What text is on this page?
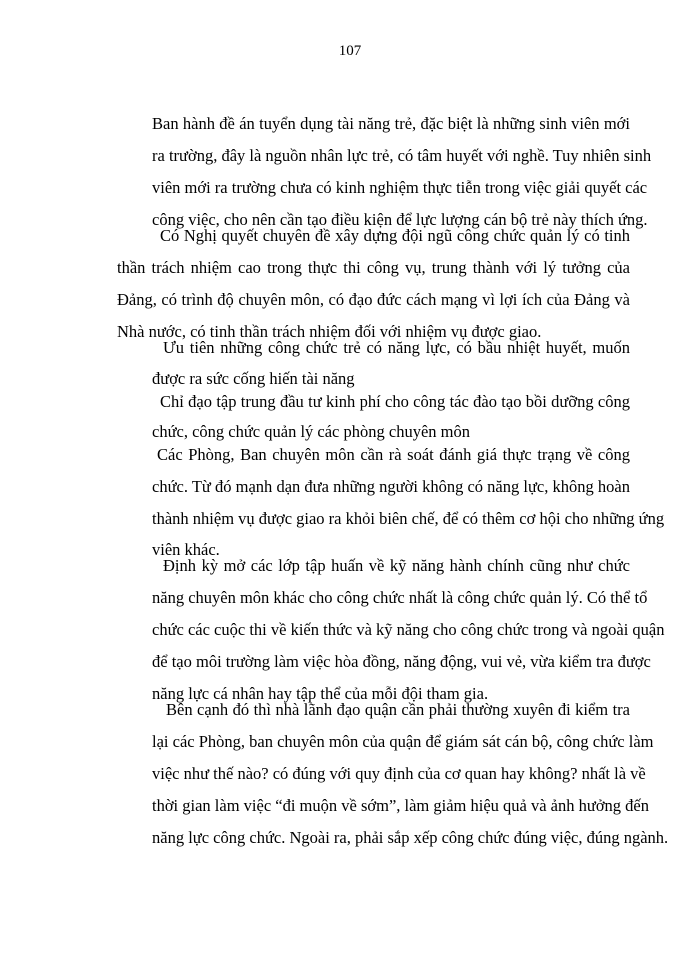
107
Ban hành đề án tuyển dụng tài năng trẻ, đặc biệt là những sinh viên mới
ra trường, đây là nguồn nhân lực trẻ, có tâm huyết với nghề. Tuy nhiên sinh
viên mới ra trường chưa có kinh nghiệm thực tiễn trong việc giải quyết các
công việc, cho nên cần tạo điều kiện để lực lượng cán bộ trẻ này thích ứng.
Có Nghị quyết chuyên đề xây dựng đội ngũ công chức quản lý có tinh
thần trách nhiệm cao trong thực thi công vụ, trung thành với lý tưởng của
Đảng, có trình độ chuyên môn, có đạo đức cách mạng vì lợi ích của Đảng và
Nhà nước, có tinh thần trách nhiệm đối với nhiệm vụ được giao.
Ưu tiên những công chức trẻ có năng lực, có bầu nhiệt huyết, muốn
được ra sức cống hiến tài năng
Chỉ đạo tập trung đầu tư kinh phí cho công tác đào tạo bồi dưỡng công
chức, công chức quản lý các phòng chuyên môn
Các Phòng, Ban chuyên môn cần rà soát đánh giá thực trạng về công
chức. Từ đó mạnh dạn đưa những người không có năng lực, không hoàn
thành nhiệm vụ được giao ra khỏi biên chế, để có thêm cơ hội cho những ứng
viên khác.
Định kỳ mở các lớp tập huấn về kỹ năng hành chính cũng như chức
năng chuyên môn khác cho công chức nhất là công chức quản lý. Có thể tổ
chức các cuộc thi về kiến thức và kỹ năng cho công chức trong và ngoài quận
để tạo môi trường làm việc hòa đồng, năng động, vui vẻ, vừa kiểm tra được
năng lực cá nhân hay tập thể của mỗi đội tham gia.
Bên cạnh đó thì nhà lãnh đạo quận cần phải thường xuyên đi kiểm tra
lại các Phòng, ban chuyên môn của quận để giám sát cán bộ, công chức làm
việc như thế nào? có đúng với quy định của cơ quan hay không? nhất là về
thời gian làm việc “đi muộn về sớm”, làm giảm hiệu quả và ảnh hưởng đến
năng lực công chức. Ngoài ra, phải sắp xếp công chức đúng việc, đúng ngành.
